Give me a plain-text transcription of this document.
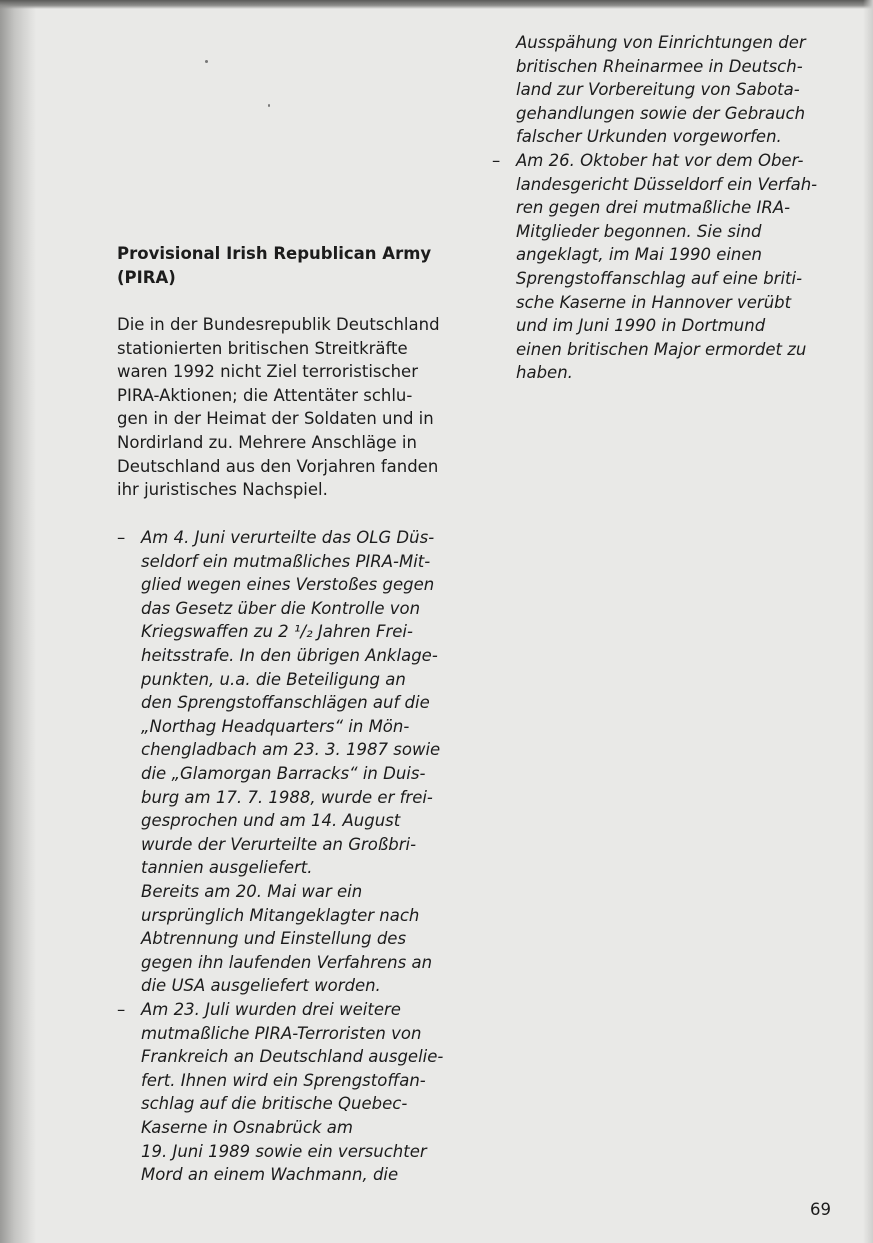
Provisional Irish Republican Army
(PIRA)
Die in der Bundesrepublik Deutschland
stationierten britischen Streitkräfte
waren 1992 nicht Ziel terroristischer
PIRA-Aktionen; die Attentäter schlu-
gen in der Heimat der Soldaten und in
Nordirland zu. Mehrere Anschläge in
Deutschland aus den Vorjahren fanden
ihr juristisches Nachspiel.
– Am 4. Juni verurteilte das OLG Düs-
seldorf ein mutmaßliches PIRA-Mit-
glied wegen eines Verstoßes gegen
das Gesetz über die Kontrolle von
Kriegswaffen zu 2 ¹/₂ Jahren Frei-
heitsstrafe. In den übrigen Anklage-
punkten, u.a. die Beteiligung an
den Sprengstoffanschlägen auf die
„Northag Headquarters“ in Mön-
chengladbach am 23. 3. 1987 sowie
die „Glamorgan Barracks“ in Duis-
burg am 17. 7. 1988, wurde er frei-
gesprochen und am 14. August
wurde der Verurteilte an Großbri-
tannien ausgeliefert.
Bereits am 20. Mai war ein
ursprünglich Mitangeklagter nach
Abtrennung und Einstellung des
gegen ihn laufenden Verfahrens an
die USA ausgeliefert worden.
– Am 23. Juli wurden drei weitere
mutmaßliche PIRA-Terroristen von
Frankreich an Deutschland ausgelie-
fert. Ihnen wird ein Sprengstoffan-
schlag auf die britische Quebec-
Kaserne in Osnabrück am
19. Juni 1989 sowie ein versuchter
Mord an einem Wachmann, die
Ausspähung von Einrichtungen der
britischen Rheinarmee in Deutsch-
land zur Vorbereitung von Sabota-
gehandlungen sowie der Gebrauch
falscher Urkunden vorgeworfen.
– Am 26. Oktober hat vor dem Ober-
landesgericht Düsseldorf ein Verfah-
ren gegen drei mutmaßliche IRA-
Mitglieder begonnen. Sie sind
angeklagt, im Mai 1990 einen
Sprengstoffanschlag auf eine briti-
sche Kaserne in Hannover verübt
und im Juni 1990 in Dortmund
einen britischen Major ermordet zu
haben.
69
